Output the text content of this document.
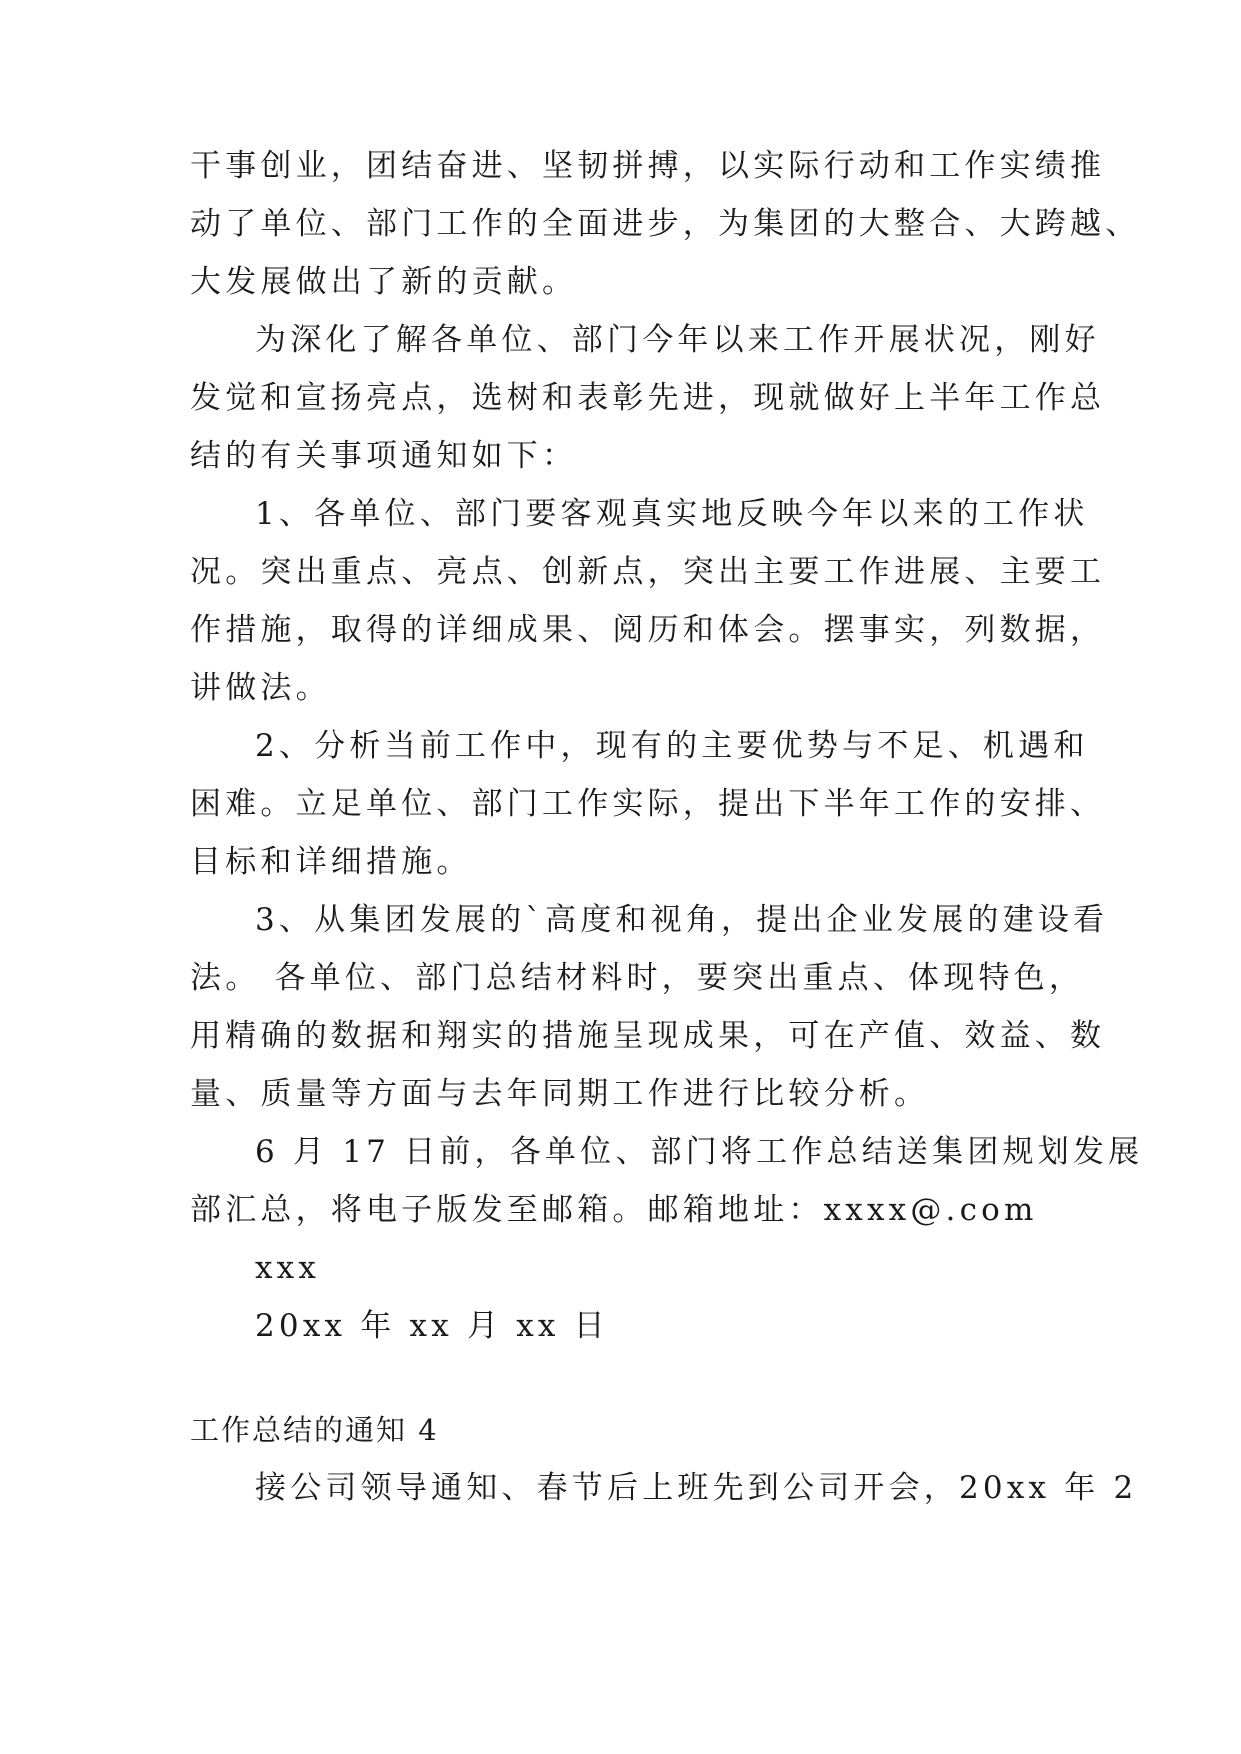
干事创业，团结奋进、坚韧拼搏，以实际行动和工作实绩推
动了单位、部门工作的全面进步，为集团的大整合、大跨越、
大发展做出了新的贡献。
为深化了解各单位、部门今年以来工作开展状况，刚好
发觉和宣扬亮点，选树和表彰先进，现就做好上半年工作总
结的有关事项通知如下：
1、各单位、部门要客观真实地反映今年以来的工作状
况。突出重点、亮点、创新点，突出主要工作进展、主要工
作措施，取得的详细成果、阅历和体会。摆事实，列数据，
讲做法。
2、分析当前工作中，现有的主要优势与不足、机遇和
困难。立足单位、部门工作实际，提出下半年工作的安排、
目标和详细措施。
3、从集团发展的`高度和视角，提出企业发展的建设看
法。 各单位、部门总结材料时，要突出重点、体现特色，
用精确的数据和翔实的措施呈现成果，可在产值、效益、数
量、质量等方面与去年同期工作进行比较分析。
6 月 17 日前，各单位、部门将工作总结送集团规划发展
部汇总，将电子版发至邮箱。邮箱地址：xxxx@.com
xxx
20xx 年 xx 月 xx 日
工作总结的通知 4
接公司领导通知、春节后上班先到公司开会，20xx 年 2
